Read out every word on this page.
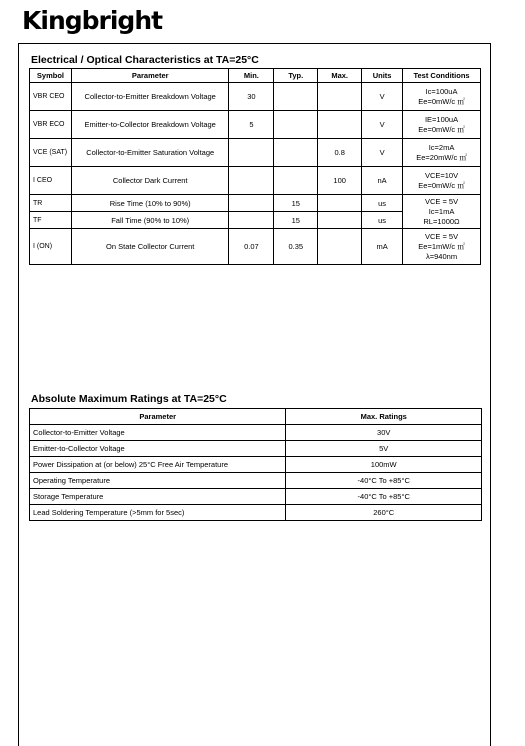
Kingbright
Electrical / Optical Characteristics at TA=25°C
Symbol	Parameter	Min.	Typ.	Max.	Units	Test Conditions
VBR CEO	Collector-to-Emitter Breakdown Voltage	30			V	Ic=100uA
Ee=0mW/c ㎡

VBR ECO	Emitter-to-Collector Breakdown Voltage	5			V	IE=100uA
Ee=0mW/c ㎡

VCE (SAT)	Collector-to-Emitter Saturation Voltage			0.8	V	Ic=2mA
Ee=20mW/c ㎡

I CEO	Collector Dark Current			100	nA	VCE=10V
Ee=0mW/c ㎡

TR	Rise Time (10% to 90%)		15		us	VCE = 5V
Ic=1mA
RL=1000Ω

TF	Fall Time (90% to 10%)		15		us	
I (ON)	On State Collector Current	0.07	0.35		mA	VCE = 5V
Ee=1mW/c ㎡
λ=940nm
Absolute Maximum Ratings at TA=25°C
Parameter	Max. Ratings
Collector-to-Emitter Voltage	30V
Emitter-to-Collector Voltage	5V
Power Dissipation at (or below) 25°C Free Air Temperature	100mW
Operating Temperature	-40°C To +85°C
Storage Temperature	-40°C To +85°C
Lead Soldering Temperature (>5mm for 5sec)	260°C
